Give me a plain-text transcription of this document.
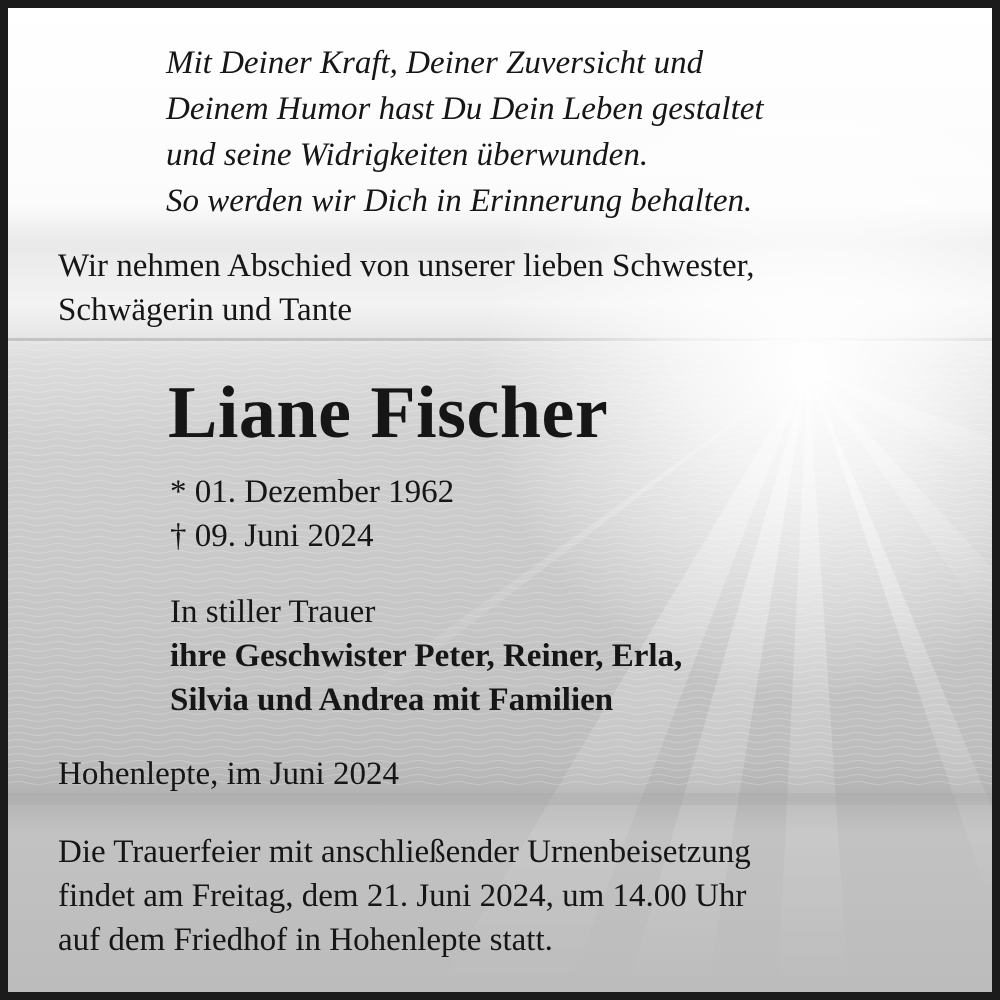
Mit Deiner Kraft, Deiner Zuversicht und
Deinem Humor hast Du Dein Leben gestaltet
und seine Widrigkeiten überwunden.
So werden wir Dich in Erinnerung behalten.
Wir nehmen Abschied von unserer lieben Schwester,
Schwägerin und Tante
Liane Fischer
* 01. Dezember 1962
† 09. Juni 2024
In stiller Trauer
ihre Geschwister Peter, Reiner, Erla,
Silvia und Andrea mit Familien
Hohenlepte, im Juni 2024
Die Trauerfeier mit anschließender Urnenbeisetzung
findet am Freitag, dem 21. Juni 2024, um 14.00 Uhr
auf dem Friedhof in Hohenlepte statt.
